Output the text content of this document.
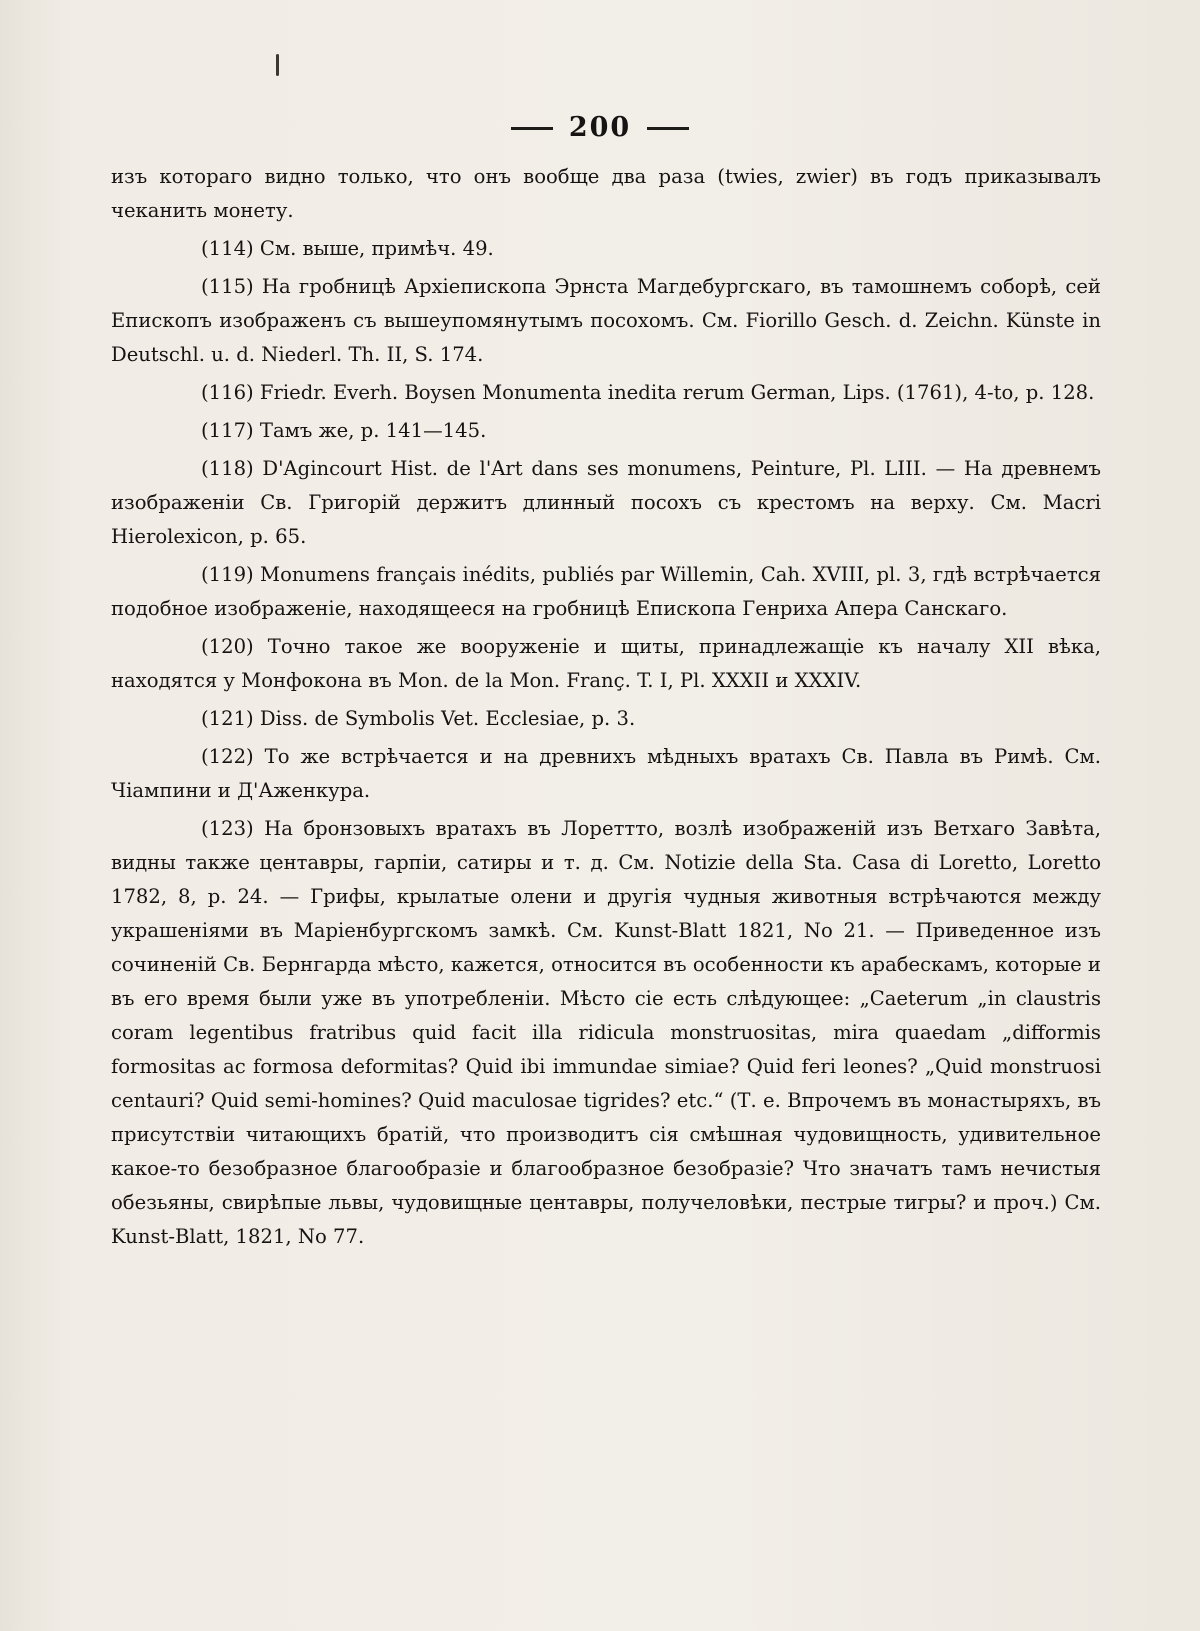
200

изъ котораго видно только, что онъ вообще два раза (twies, zwier) въ годъ приказывалъ чеканить монету.

(114) См. выше, примѣч. 49.

(115) На гробницѣ Архіепископа Эрнста Магдебургскаго, въ тамошнемъ соборѣ, сей Епископъ изображенъ съ вышеупомянутымъ посохомъ. См. Fiorillo Gesch. d. Zeichn. Künste in Deutschl. u. d. Niederl. Th. II, S. 174.

(116) Friedr. Everh. Boysen Monumenta inedita rerum German, Lips. (1761), 4-to, p. 128.

(117) Тамъ же, p. 141—145.

(118) D'Agincourt Hist. de l'Art dans ses monumens, Peinture, Pl. LIII. — На древнемъ изображеніи Св. Григорій держитъ длинный посохъ съ крестомъ на верху. См. Macri Hierolexicon, p. 65.

(119) Monumens français inédits, publiés par Willemin, Cah. XVIII, pl. 3, гдѣ встрѣчается подобное изображеніе, находящееся на гробницѣ Епископа Генриха Апера Санскаго.

(120) Точно такое же вооруженіе и щиты, принадлежащіе къ началу XII вѣка, находятся у Монфокона въ Mon. de la Mon. Franç. T. I, Pl. XXXII и XXXIV.

(121) Diss. de Symbolis Vet. Ecclesiae, p. 3.

(122) То же встрѣчается и на древнихъ мѣдныхъ вратахъ Св. Павла въ Римѣ. См. Чіампини и Д'Аженкура.

(123) На бронзовыхъ вратахъ въ Лореттто, возлѣ изображеній изъ Ветхаго Завѣта, видны также центавры, гарпіи, сатиры и т. д. См. Notizie della Sta. Casa di Loretto, Loretto 1782, 8, p. 24. — Грифы, крылатые олени и другія чудныя животныя встрѣчаются между украшеніями въ Маріенбургскомъ замкѣ. См. Kunst-Blatt 1821, No 21. — Приведенное изъ сочиненій Св. Бернгарда мѣсто, кажется, относится въ особенности къ арабескамъ, которые и въ его время были уже въ употребленіи. Мѣсто сіе есть слѣдующее: „Caeterum „in claustris coram legentibus fratribus quid facit illa ridicula monstruositas, mira quaedam „difformis formositas ac formosa deformitas? Quid ibi immundae simiae? Quid feri leones? „Quid monstruosi centauri? Quid semi-homines? Quid maculosae tigrides? etc.“ (Т. е. Впрочемъ въ монастыряхъ, въ присутствіи читающихъ братій, что производитъ сія смѣшная чудовищность, удивительное какое-то безобразное благообразіе и благообразное безобразіе? Что значатъ тамъ нечистыя обезьяны, свирѣпые львы, чудовищные центавры, получеловѣки, пестрые тигры? и проч.) См. Kunst-Blatt, 1821, No 77.
